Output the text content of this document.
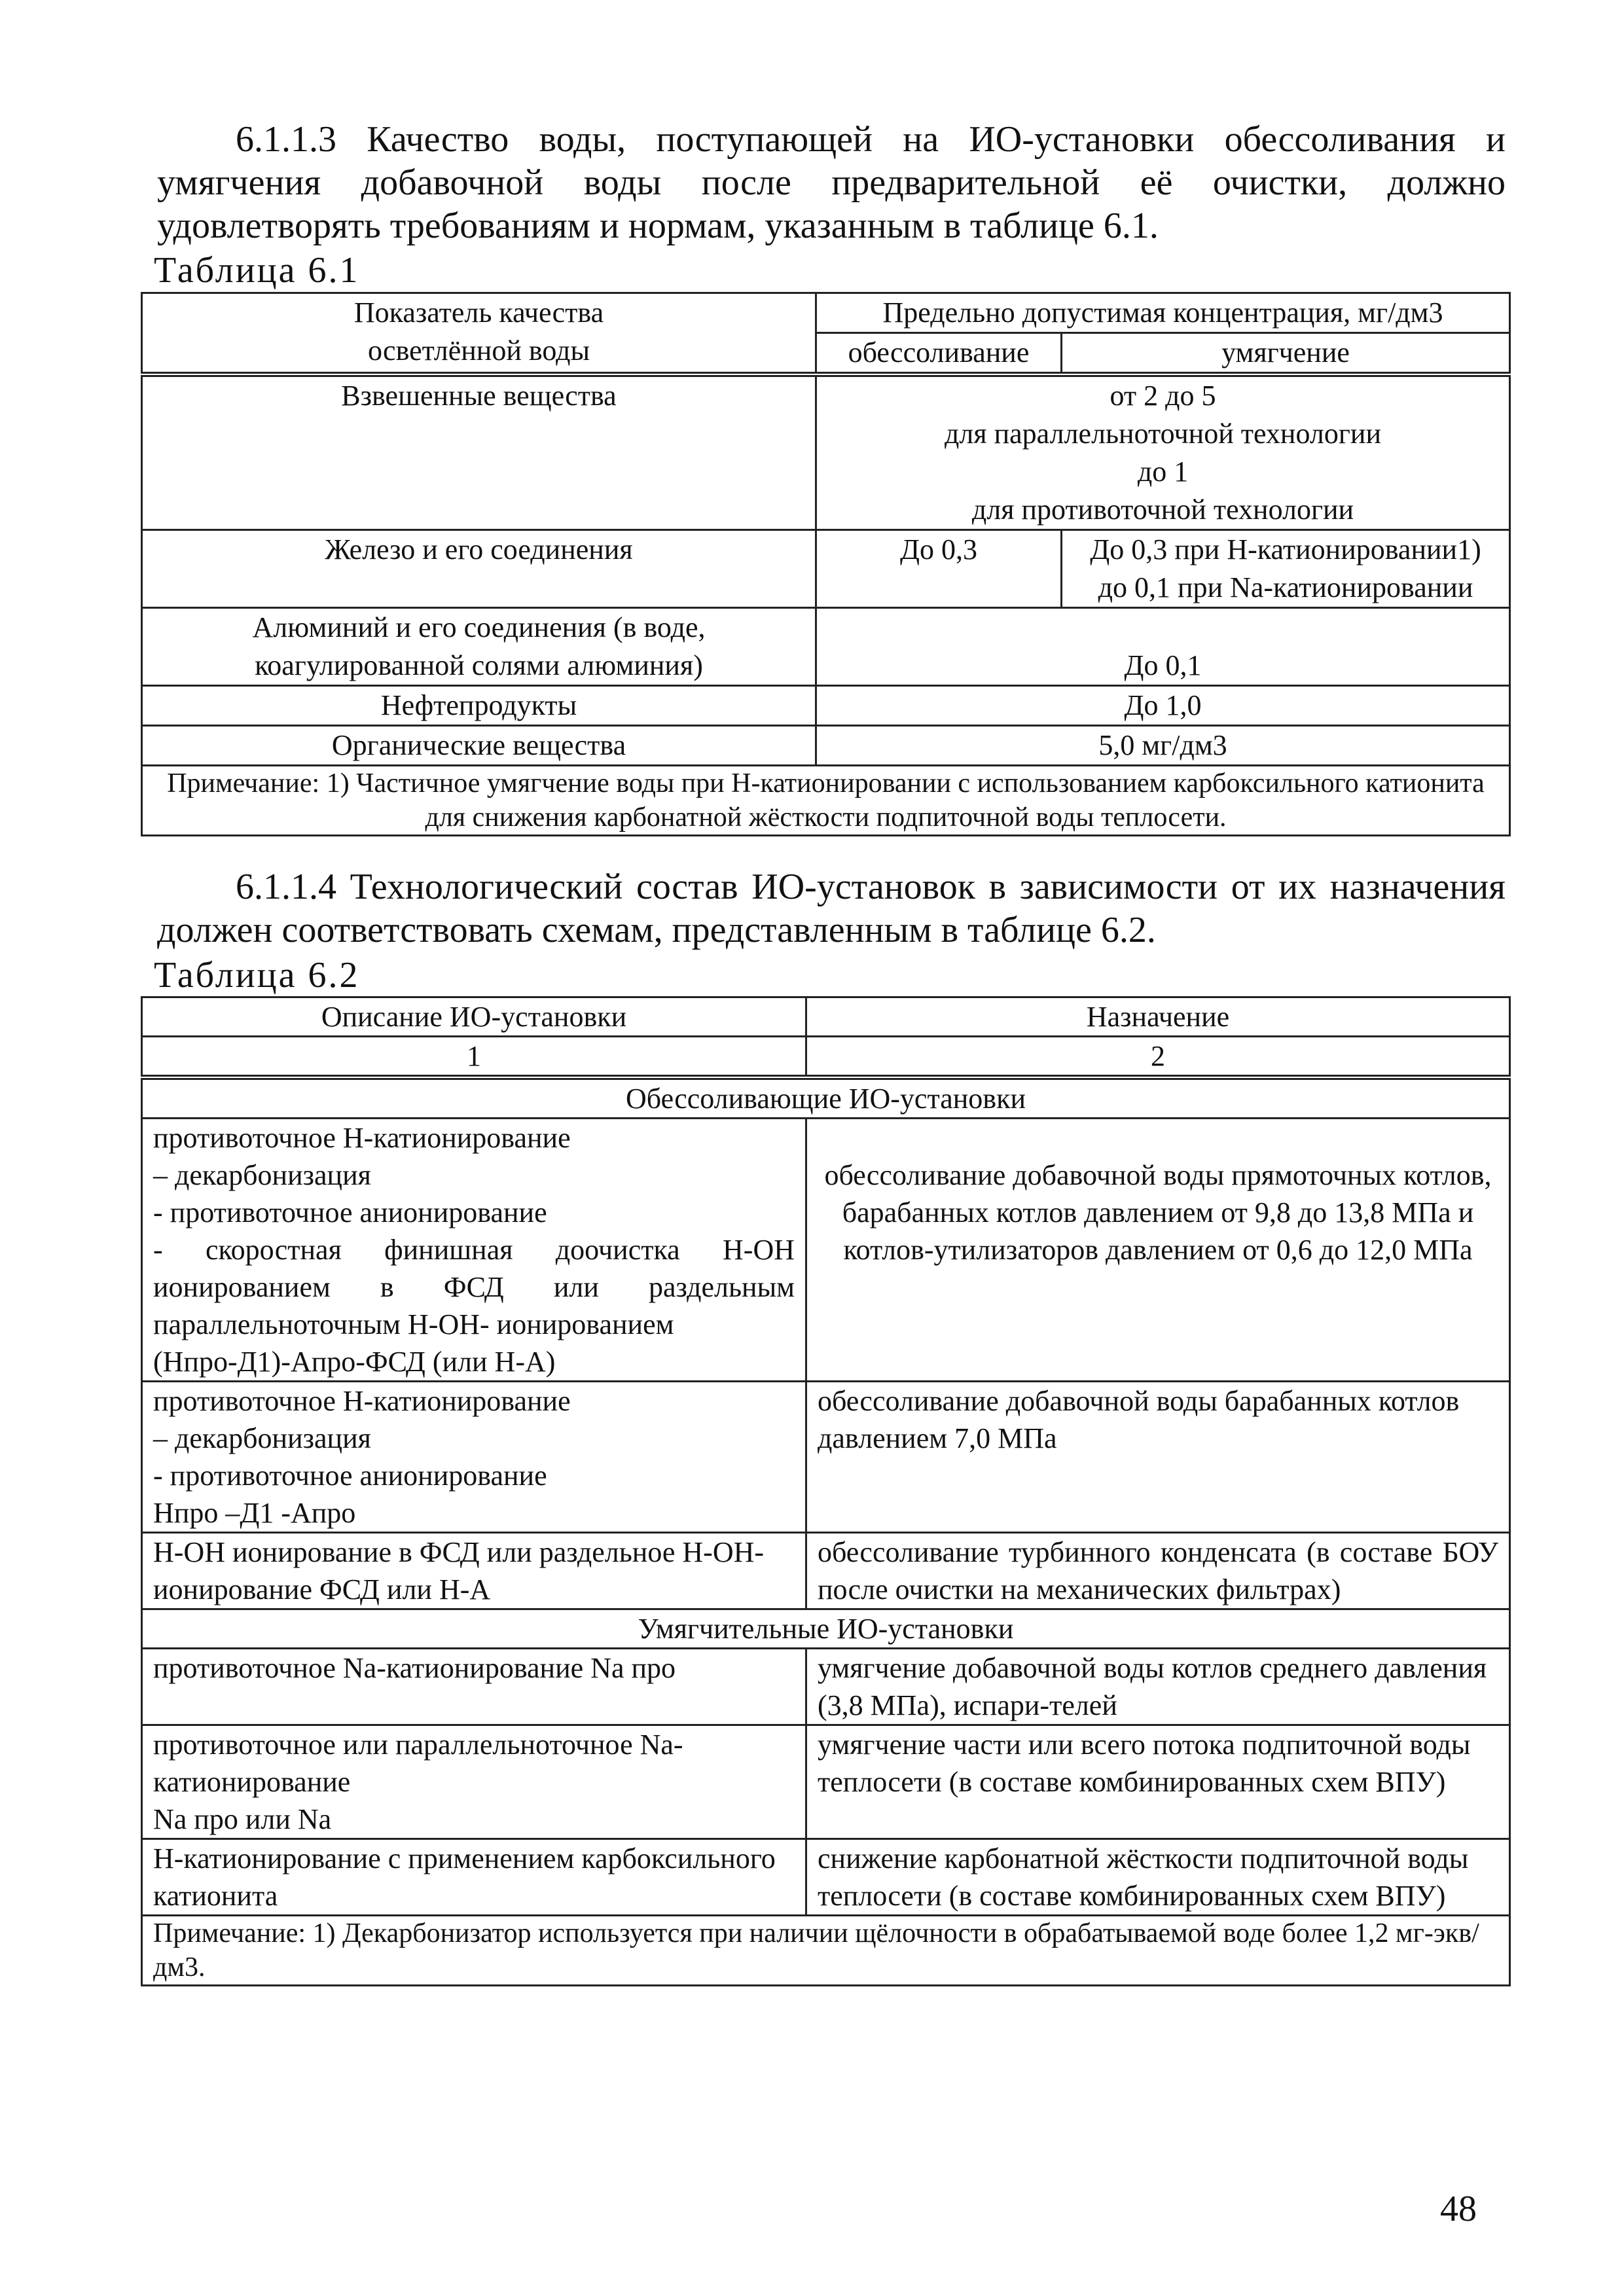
6.1.1.3 Качество воды, поступающей на ИО-установки обессоливания и умягчения добавочной воды после предварительной её очистки, должно удовлетворять требованиям и нормам, указанным в таблице 6.1.

Таблица 6.1
Показатель качества
осветлённой воды	Предельно допустимая концентрация, мг/дм3	
	обессоливание	умягчение
Взвешенные вещества	от 2 до 5
для параллельноточной технологии
до 1
для противоточной технологии	

Железо и его соединения	До 0,3	До 0,3 при Н-катионировании1) до 0,1 при Na-катионировании
Алюминий и его соединения (в воде, коагулированной солями алюминия)	До 0,1	
Нефтепродукты	До 1,0	
Органические вещества	5,0 мг/дм3	
Примечание: 1) Частичное умягчение воды при Н-катионировании с использованием карбоксильного катионита для снижения карбонатной жёсткости подпиточной воды теплосети.		

6.1.1.4 Технологический состав ИО-установок в зависимости от их назначения должен соответствовать схемам, представленным в таблице 6.2.

Таблица 6.2
Описание ИО-установки	Назначение
1	2
Обессоливающие ИО-установки	

противоточное Н-катионирование
– декарбонизация
- противоточное анионирование
- скоростная финишная доочистка Н-ОН ионированием в ФСД или раздельным параллельноточным Н-ОН- ионированием
(Нпро-Д1)-Апро-ФСД (или Н-А)	обессоливание добавочной воды прямоточных котлов, барабанных котлов давлением от 9,8 до 13,8 МПа и котлов-утилизаторов давлением от 0,6 до 12,0 МПа

противоточное Н-катионирование
– декарбонизация
- противоточное анионирование
Нпро –Д1 -Апро	обессоливание добавочной воды барабанных котлов давлением 7,0 МПа

Н-ОН ионирование в ФСД или раздельное Н-ОН- ионирование ФСД или Н-А	обессоливание турбинного конденсата (в составе БОУ после очистки на механических фильтрах)
Умягчительные ИО-установки	

противоточное Na-катионирование Na про	умягчение добавочной воды котлов среднего давления (3,8 МПа), испари-телей

противоточное или параллельноточное Na-катионирование
Na про или Na	умягчение части или всего потока подпиточной воды теплосети (в составе комбинированных схем ВПУ)

Н-катионирование с применением карбоксильного катионита	снижение карбонатной жёсткости подпиточной воды теплосети (в составе комбинированных схем ВПУ)
Примечание: 1) Декарбонизатор используется при наличии щёлочности в обрабатываемой воде более 1,2 мг-экв/дм3.	
48
